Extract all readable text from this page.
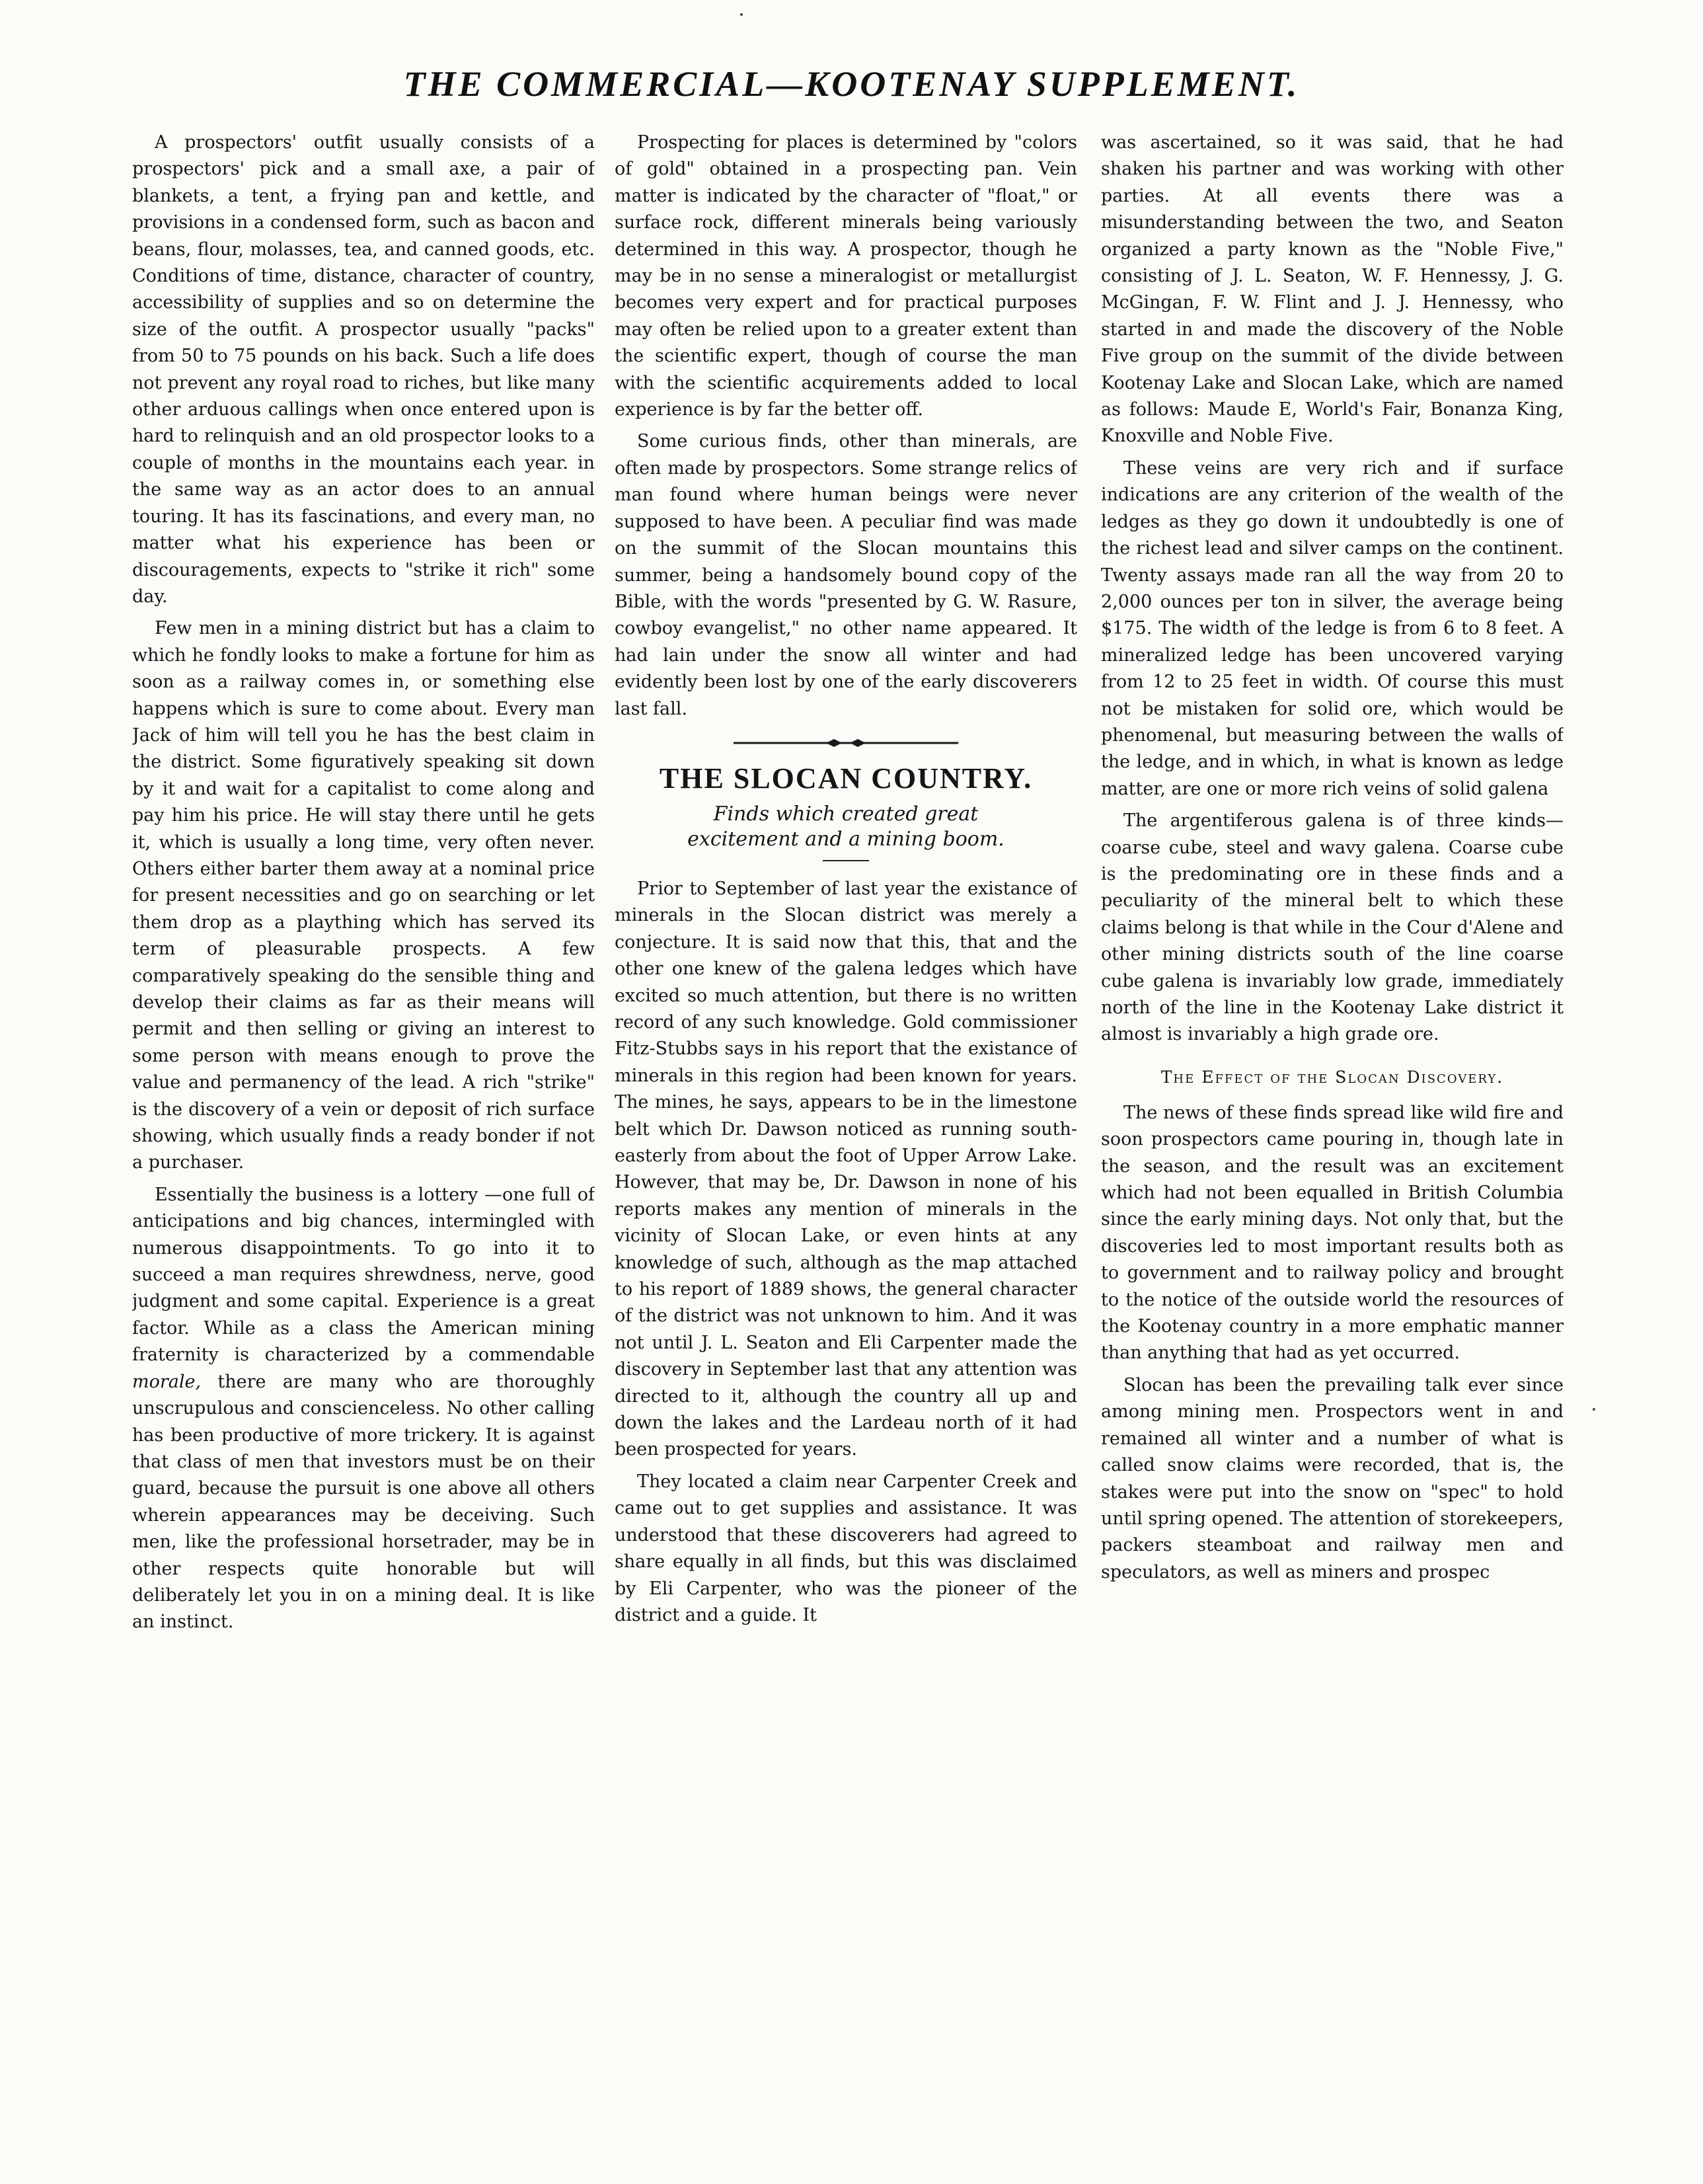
THE COMMERCIAL—KOOTENAY SUPPLEMENT.

A prospectors' outfit usually consists of a prospectors' pick and a small axe, a pair of blankets, a tent, a frying pan and kettle, and provisions in a condensed form, such as bacon and beans, flour, molasses, tea, and canned goods, etc. Conditions of time, distance, character of country, accessibility of supplies and so on determine the size of the outfit. A prospector usually "packs" from 50 to 75 pounds on his back. Such a life does not prevent any royal road to riches, but like many other arduous callings when once entered upon is hard to relinquish and an old prospector looks to a couple of months in the mountains each year. in the same way as an actor does to an annual touring. It has its fascinations, and every man, no matter what his experience has been or discouragements, expects to "strike it rich" some day.

Few men in a mining district but has a claim to which he fondly looks to make a fortune for him as soon as a railway comes in, or something else happens which is sure to come about. Every man Jack of him will tell you he has the best claim in the district. Some figuratively speaking sit down by it and wait for a capitalist to come along and pay him his price. He will stay there until he gets it, which is usually a long time, very often never. Others either barter them away at a nominal price for present necessities and go on searching or let them drop as a plaything which has served its term of pleasurable prospects. A few comparatively speaking do the sensible thing and develop their claims as far as their means will permit and then selling or giving an interest to some person with means enough to prove the value and permanency of the lead. A rich "strike" is the discovery of a vein or deposit of rich surface showing, which usually finds a ready bonder if not a purchaser.

Essentially the business is a lottery —one full of anticipations and big chances, intermingled with numerous disappointments. To go into it to succeed a man requires shrewdness, nerve, good judgment and some capital. Experience is a great factor. While as a class the American mining fraternity is characterized by a commendable morale, there are many who are thoroughly unscrupulous and conscienceless. No other calling has been productive of more trickery. It is against that class of men that investors must be on their guard, because the pursuit is one above all others wherein appearances may be deceiving. Such men, like the professional horsetrader, may be in other respects quite honorable but will deliberately let you in on a mining deal. It is like an instinct.

Prospecting for places is determined by "colors of gold" obtained in a prospecting pan. Vein matter is indicated by the character of "float," or surface rock, different minerals being variously determined in this way. A prospector, though he may be in no sense a mineralogist or metallurgist becomes very expert and for practical purposes may often be relied upon to a greater extent than the scientific expert, though of course the man with the scientific acquirements added to local experience is by far the better off.

Some curious finds, other than minerals, are often made by prospectors. Some strange relics of man found where human beings were never supposed to have been. A peculiar find was made on the summit of the Slocan mountains this summer, being a handsomely bound copy of the Bible, with the words "presented by G. W. Rasure, cowboy evangelist," no other name appeared. It had lain under the snow all winter and had evidently been lost by one of the early discoverers last fall.

THE SLOCAN COUNTRY.
Finds which created great excitement and a mining boom.

Prior to September of last year the existance of minerals in the Slocan district was merely a conjecture. It is said now that this, that and the other one knew of the galena ledges which have excited so much attention, but there is no written record of any such knowledge. Gold commissioner Fitz-Stubbs says in his report that the existance of minerals in this region had been known for years. The mines, he says, appears to be in the limestone belt which Dr. Dawson noticed as running south-easterly from about the foot of Upper Arrow Lake. However, that may be, Dr. Dawson in none of his reports makes any mention of minerals in the vicinity of Slocan Lake, or even hints at any knowledge of such, although as the map attached to his report of 1889 shows, the general character of the district was not unknown to him. And it was not until J. L. Seaton and Eli Carpenter made the discovery in September last that any attention was directed to it, although the country all up and down the lakes and the Lardeau north of it had been prospected for years.

They located a claim near Carpenter Creek and came out to get supplies and assistance. It was understood that these discoverers had agreed to share equally in all finds, but this was disclaimed by Eli Carpenter, who was the pioneer of the district and a guide. It

was ascertained, so it was said, that he had shaken his partner and was working with other parties. At all events there was a misunderstanding between the two, and Seaton organized a party known as the "Noble Five," consisting of J. L. Seaton, W. F. Hennessy, J. G. McGingan, F. W. Flint and J. J. Hennessy, who started in and made the discovery of the Noble Five group on the summit of the divide between Kootenay Lake and Slocan Lake, which are named as follows: Maude E, World's Fair, Bonanza King, Knoxville and Noble Five.

These veins are very rich and if surface indications are any criterion of the wealth of the ledges as they go down it undoubtedly is one of the richest lead and silver camps on the continent. Twenty assays made ran all the way from 20 to 2,000 ounces per ton in silver, the average being $175. The width of the ledge is from 6 to 8 feet. A mineralized ledge has been uncovered varying from 12 to 25 feet in width. Of course this must not be mistaken for solid ore, which would be phenomenal, but measuring between the walls of the ledge, and in which, in what is known as ledge matter, are one or more rich veins of solid galena

The argentiferous galena is of three kinds—coarse cube, steel and wavy galena. Coarse cube is the predominating ore in these finds and a peculiarity of the mineral belt to which these claims belong is that while in the Cour d'Alene and other mining districts south of the line coarse cube galena is invariably low grade, immediately north of the line in the Kootenay Lake district it almost is invariably a high grade ore.

The Effect of the Slocan Discovery.

The news of these finds spread like wild fire and soon prospectors came pouring in, though late in the season, and the result was an excitement which had not been equalled in British Columbia since the early mining days. Not only that, but the discoveries led to most important results both as to government and to railway policy and brought to the notice of the outside world the resources of the Kootenay country in a more emphatic manner than anything that had as yet occurred.

Slocan has been the prevailing talk ever since among mining men. Prospectors went in and remained all winter and a number of what is called snow claims were recorded, that is, the stakes were put into the snow on "spec" to hold until spring opened. The attention of storekeepers, packers steamboat and railway men and speculators, as well as miners and prospec
